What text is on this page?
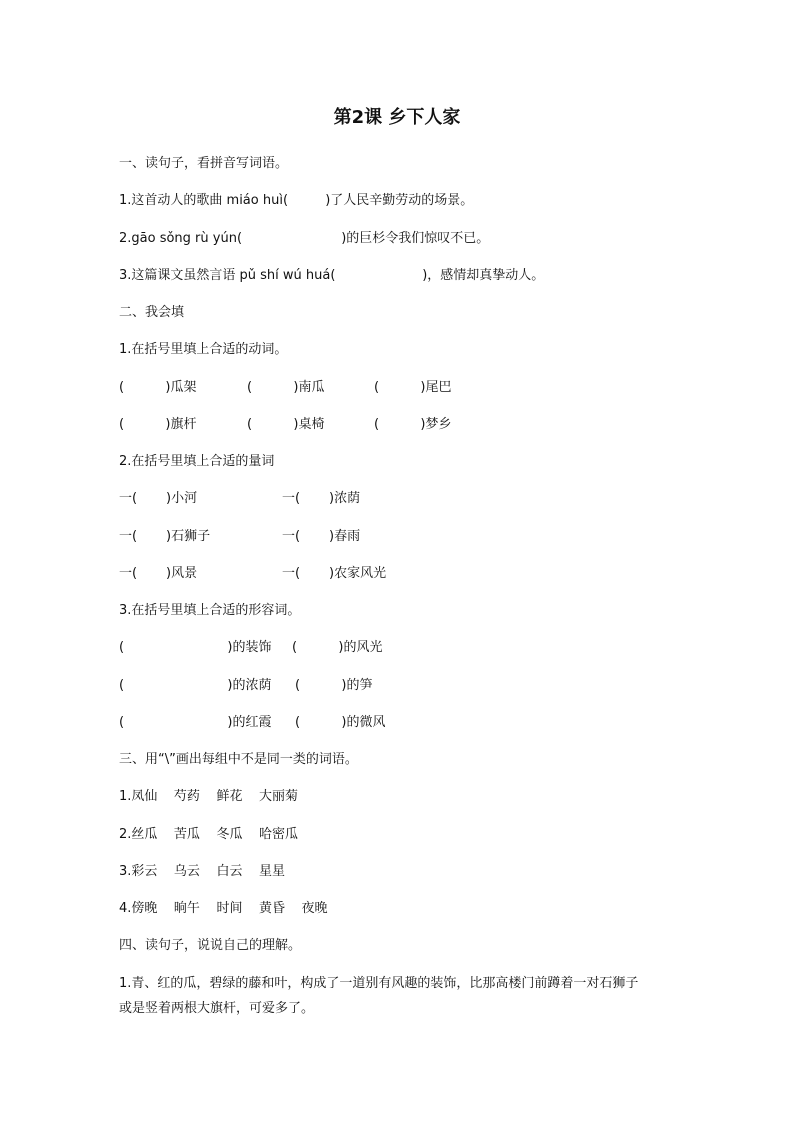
第2课 乡下人家
一、读句子，看拼音写词语。
1.这首动人的歌曲 miáo huì(         )了人民辛勤劳动的场景。
2.gāo sǒng rù yún(                        )的巨杉令我们惊叹不已。
3.这篇课文虽然言语 pǔ shí wú huá(                     )，感情却真挚动人。
二、我会填
1.在括号里填上合适的动词。
(          )瓜架	(          )南瓜	(          )尾巴
(          )旗杆	(          )桌椅	(          )梦乡
2.在括号里填上合适的量词
一(       )小河	一(       )浓荫
一(       )石狮子	一(       )春雨
一(       )风景	一(       )农家风光
3.在括号里填上合适的形容词。
(                         )的装饰 (          )的风光
(                         )的浓荫 (          )的笋
(                         )的红霞 (          )的微风
三、用“\”画出每组中不是同一类的词语。
1.凤仙    芍药    鲜花    大丽菊
2.丝瓜    苦瓜    冬瓜    哈密瓜
3.彩云    乌云    白云    星星
4.傍晚    晌午    时间    黄昏    夜晚
四、读句子，说说自己的理解。
1.青、红的瓜，碧绿的藤和叶，构成了一道别有风趣的装饰，比那高楼门前蹲着一对石狮子
或是竖着两根大旗杆，可爱多了。
